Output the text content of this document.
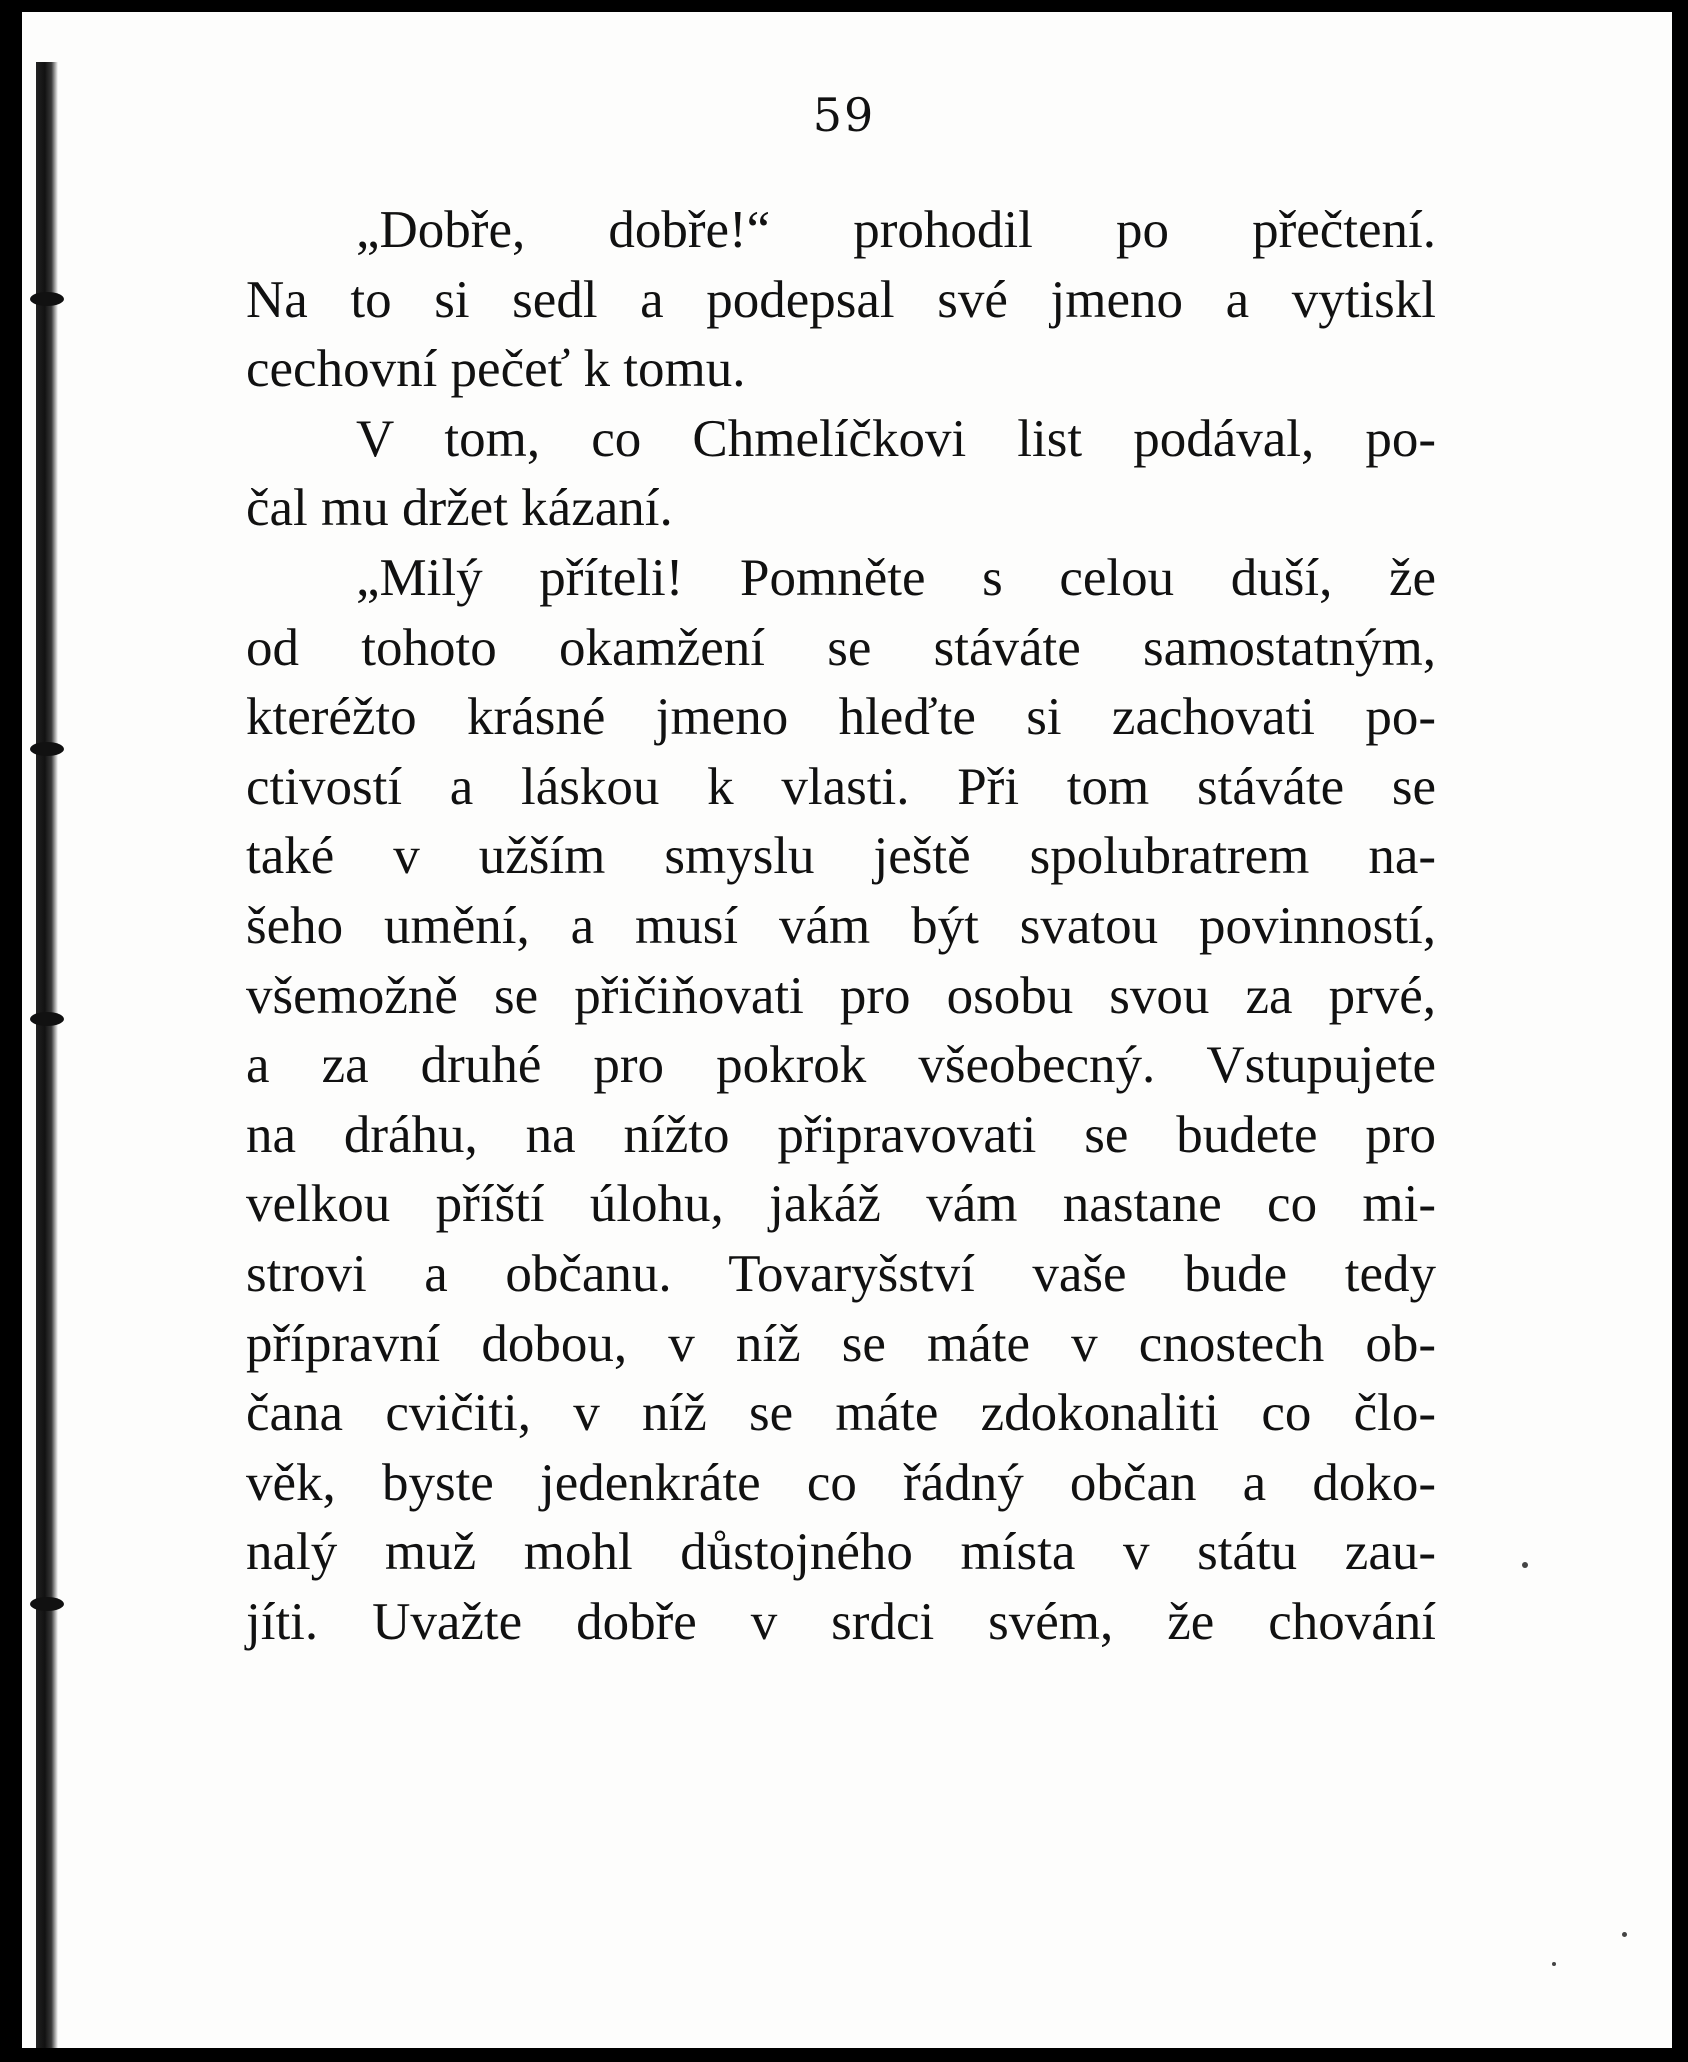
59
„Dobře, dobře!“ prohodil po přečtení.
Na to si sedl a podepsal své jmeno a vytiskl
cechovní pečeť k tomu.
V tom, co Chmelíčkovi list podával, po-
čal mu držet kázaní.
„Milý příteli! Pomněte s celou duší, že
od tohoto okamžení se stáváte samostatným,
kteréžto krásné jmeno hleďte si zachovati po-
ctivostí a láskou k vlasti. Při tom stáváte se
také v užším smyslu ještě spolubratrem na-
šeho umění, a musí vám být svatou povinností,
všemožně se přičiňovati pro osobu svou za prvé,
a za druhé pro pokrok všeobecný. Vstupujete
na dráhu, na nížto připravovati se budete pro
velkou příští úlohu, jakáž vám nastane co mi-
strovi a občanu. Tovaryšství vaše bude tedy
přípravní dobou, v níž se máte v cnostech ob-
čana cvičiti, v níž se máte zdokonaliti co člo-
věk, byste jedenkráte co řádný občan a doko-
nalý muž mohl důstojného místa v státu zau-
jíti. Uvažte dobře v srdci svém, že chování
